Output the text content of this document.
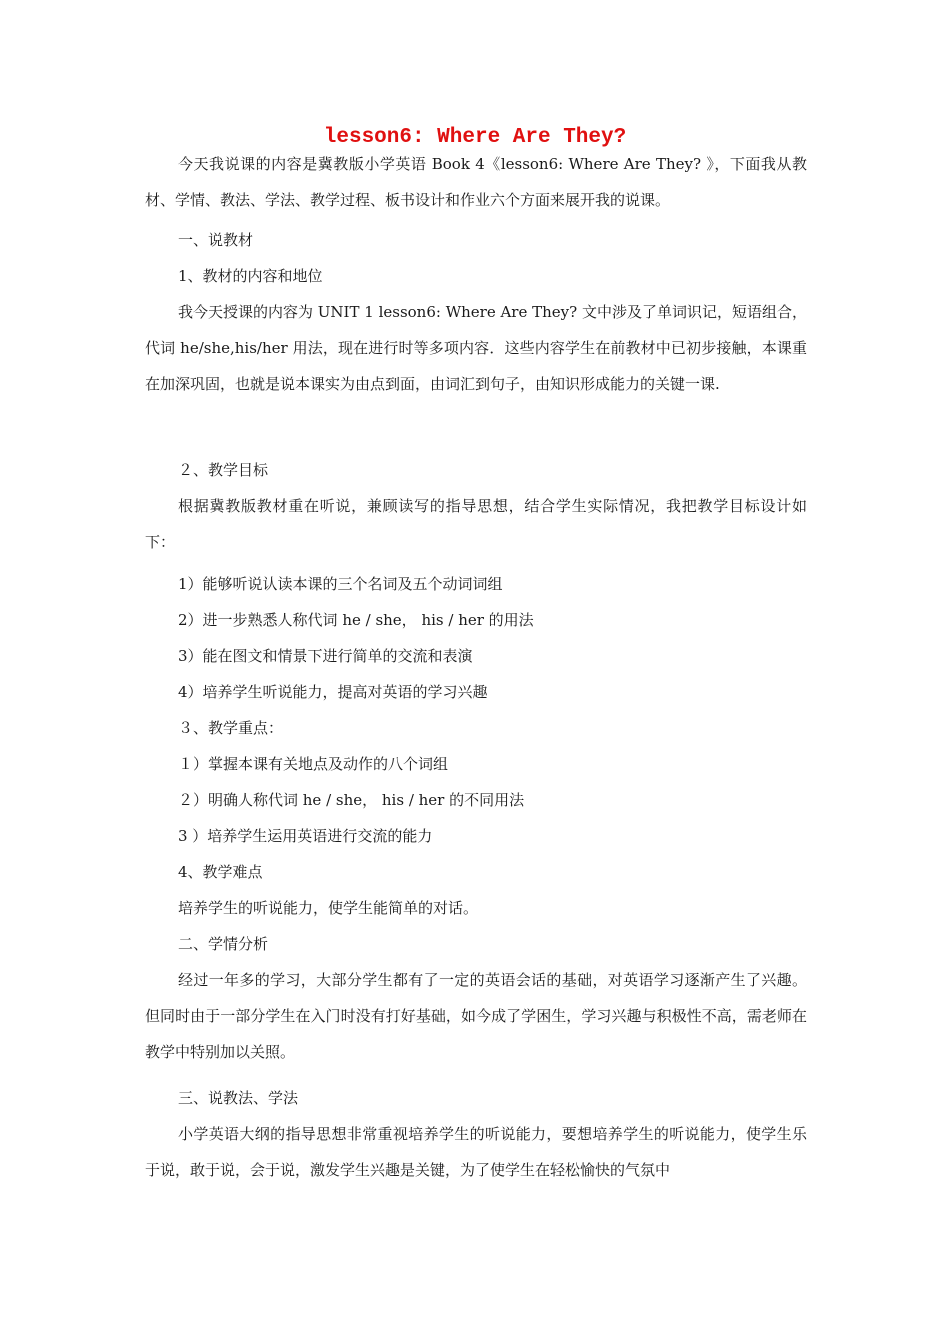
lesson6: Where Are They?

今天我说课的内容是冀教版小学英语 Book 4《lesson6: Where Are They? 》，下面我从教材、学情、教法、学法、教学过程、板书设计和作业六个方面来展开我的说课。

一、说教材

1、教材的内容和地位

我今天授课的内容为 UNIT 1 lesson6: Where Are They? 文中涉及了单词识记，短语组合，代词 he/she,his/her 用法，现在进行时等多项内容．这些内容学生在前教材中已初步接触，本课重在加深巩固，也就是说本课实为由点到面，由词汇到句子，由知识形成能力的关键一课.

２、教学目标

根据冀教版教材重在听说，兼顾读写的指导思想，结合学生实际情况，我把教学目标设计如下：

1）能够听说认读本课的三个名词及五个动词词组

2）进一步熟悉人称代词 he / she， his / her 的用法

3）能在图文和情景下进行简单的交流和表演

4）培养学生听说能力，提高对英语的学习兴趣

３、教学重点：

１）掌握本课有关地点及动作的八个词组

２）明确人称代词 he / she， his / her 的不同用法

3 ）培养学生运用英语进行交流的能力

4、教学难点

培养学生的听说能力，使学生能简单的对话。

二、学情分析

经过一年多的学习，大部分学生都有了一定的英语会话的基础，对英语学习逐渐产生了兴趣。但同时由于一部分学生在入门时没有打好基础，如今成了学困生，学习兴趣与积极性不高，需老师在教学中特别加以关照。

三、说教法、学法

小学英语大纲的指导思想非常重视培养学生的听说能力，要想培养学生的听说能力，使学生乐于说，敢于说，会于说，激发学生兴趣是关键，为了使学生在轻松愉快的气氛中
